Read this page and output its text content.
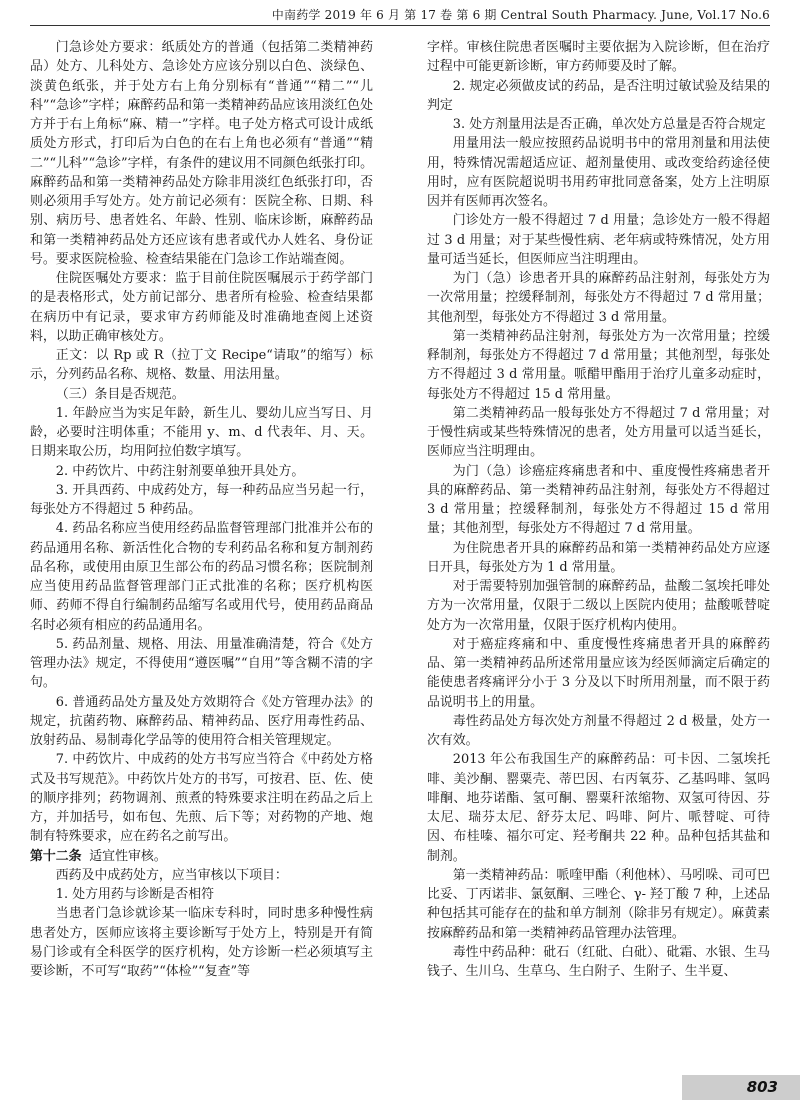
中南药学 2019 年 6 月 第 17 卷 第 6 期 Central South Pharmacy. June, Vol.17 No.6

门急诊处方要求：纸质处方的普通（包括第二类精神药品）处方、儿科处方、急诊处方应该分别以白色、淡绿色、淡黄色纸张，并于处方右上角分别标有“普通”“精二”“儿科”“急诊”字样；麻醉药品和第一类精神药品应该用淡红色处方并于右上角标“麻、精一”字样。电子处方格式可设计成纸质处方形式，打印后为白色的在右上角也必须有“普通”“精二”“儿科”“急诊”字样，有条件的建议用不同颜色纸张打印。麻醉药品和第一类精神药品处方除非用淡红色纸张打印，否则必须用手写处方。处方前记必须有：医院全称、日期、科别、病历号、患者姓名、年龄、性别、临床诊断，麻醉药品和第一类精神药品处方还应该有患者或代办人姓名、身份证号。要求医院检验、检查结果能在门急诊工作站端查阅。

住院医嘱处方要求：监于目前住院医嘱展示于药学部门的是表格形式，处方前记部分、患者所有检验、检查结果都在病历中有记录，要求审方药师能及时准确地查阅上述资料，以助正确审核处方。

正文：以 Rp 或 R（拉丁文 Recipe“请取”的缩写）标示，分列药品名称、规格、数量、用法用量。

（三）条目是否规范。

1. 年龄应当为实足年龄，新生儿、婴幼儿应当写日、月龄，必要时注明体重；不能用 y、m、d 代表年、月、天。日期来取公历，均用阿拉伯数字填写。

2. 中药饮片、中药注射剂要单独开具处方。

3. 开具西药、中成药处方，每一种药品应当另起一行，每张处方不得超过 5 种药品。

4. 药品名称应当使用经药品监督管理部门批准并公布的药品通用名称、新活性化合物的专利药品名称和复方制剂药品名称，或使用由原卫生部公布的药品习惯名称；医院制剂应当使用药品监督管理部门正式批准的名称；医疗机构医师、药师不得自行编制药品缩写名或用代号，使用药品商品名时必须有相应的药品通用名。

5. 药品剂量、规格、用法、用量准确清楚，符合《处方管理办法》规定，不得使用“遵医嘱”“自用”等含糊不清的字句。

6. 普通药品处方量及处方效期符合《处方管理办法》的规定，抗菌药物、麻醉药品、精神药品、医疗用毒性药品、放射药品、易制毒化学品等的使用符合相关管理规定。

7. 中药饮片、中成药的处方书写应当符合《中药处方格式及书写规范》。中药饮片处方的书写，可按君、臣、佐、使的顺序排列；药物调剂、煎煮的特殊要求注明在药品之后上方，并加括号，如布包、先煎、后下等；对药物的产地、炮制有特殊要求，应在药名之前写出。

第十二条 适宜性审核。

西药及中成药处方，应当审核以下项目：

1. 处方用药与诊断是否相符

当患者门急诊就诊某一临床专科时，同时患多种慢性病患者处方，医师应该将主要诊断写于处方上，特别是开有简易门诊或有全科医学的医疗机构，处方诊断一栏必须填写主要诊断，不可写“取药”“体检”“复查”等

字样。审核住院患者医嘱时主要依据为入院诊断，但在治疗过程中可能更新诊断，审方药师要及时了解。

2. 规定必须做皮试的药品，是否注明过敏试验及结果的判定

3. 处方剂量用法是否正确，单次处方总量是否符合规定

用量用法一般应按照药品说明书中的常用剂量和用法使用，特殊情况需超适应证、超剂量使用、或改变给药途径使用时，应有医院超说明书用药审批同意备案，处方上注明原因并有医师再次签名。

门诊处方一般不得超过 7 d 用量；急诊处方一般不得超过 3 d 用量；对于某些慢性病、老年病或特殊情况，处方用量可适当延长，但医师应当注明理由。

为门（急）诊患者开具的麻醉药品注射剂，每张处方为一次常用量；控缓释制剂，每张处方不得超过 7 d 常用量；其他剂型，每张处方不得超过 3 d 常用量。

第一类精神药品注射剂，每张处方为一次常用量；控缓释制剂，每张处方不得超过 7 d 常用量；其他剂型，每张处方不得超过 3 d 常用量。哌醋甲酯用于治疗儿童多动症时，每张处方不得超过 15 d 常用量。

第二类精神药品一般每张处方不得超过 7 d 常用量；对于慢性病或某些特殊情况的患者，处方用量可以适当延长，医师应当注明理由。

为门（急）诊癌症疼痛患者和中、重度慢性疼痛患者开具的麻醉药品、第一类精神药品注射剂，每张处方不得超过 3 d 常用量；控缓释制剂，每张处方不得超过 15 d 常用量；其他剂型，每张处方不得超过 7 d 常用量。

为住院患者开具的麻醉药品和第一类精神药品处方应逐日开具，每张处方为 1 d 常用量。

对于需要特别加强管制的麻醉药品，盐酸二氢埃托啡处方为一次常用量，仅限于二级以上医院内使用；盐酸哌替啶处方为一次常用量，仅限于医疗机构内使用。

对于癌症疼痛和中、重度慢性疼痛患者开具的麻醉药品、第一类精神药品所述常用量应该为经医师滴定后确定的能使患者疼痛评分小于 3 分及以下时所用剂量，而不限于药品说明书上的用量。

毒性药品处方每次处方剂量不得超过 2 d 极量，处方一次有效。

2013 年公布我国生产的麻醉药品：可卡因、二氢埃托啡、美沙酮、罂粟壳、蒂巴因、右丙氧芬、乙基吗啡、氢吗啡酮、地芬诺酯、氢可酮、罂粟秆浓缩物、双氢可待因、芬太尼、瑞芬太尼、舒芬太尼、吗啡、阿片、哌替啶、可待因、布桂嗪、福尔可定、羟考酮共 22 种。品种包括其盐和制剂。

第一类精神药品：哌喹甲酯（利他林）、马吲哚、司可巴比妥、丁丙诺非、氯氨酮、三唑仑、γ- 羟丁酸 7 种，上述品种包括其可能存在的盐和单方制剂（除非另有规定）。麻黄素按麻醉药品和第一类精神药品管理办法管理。

毒性中药品种：砒石（红砒、白砒）、砒霜、水银、生马钱子、生川乌、生草乌、生白附子、生附子、生半夏、

803
